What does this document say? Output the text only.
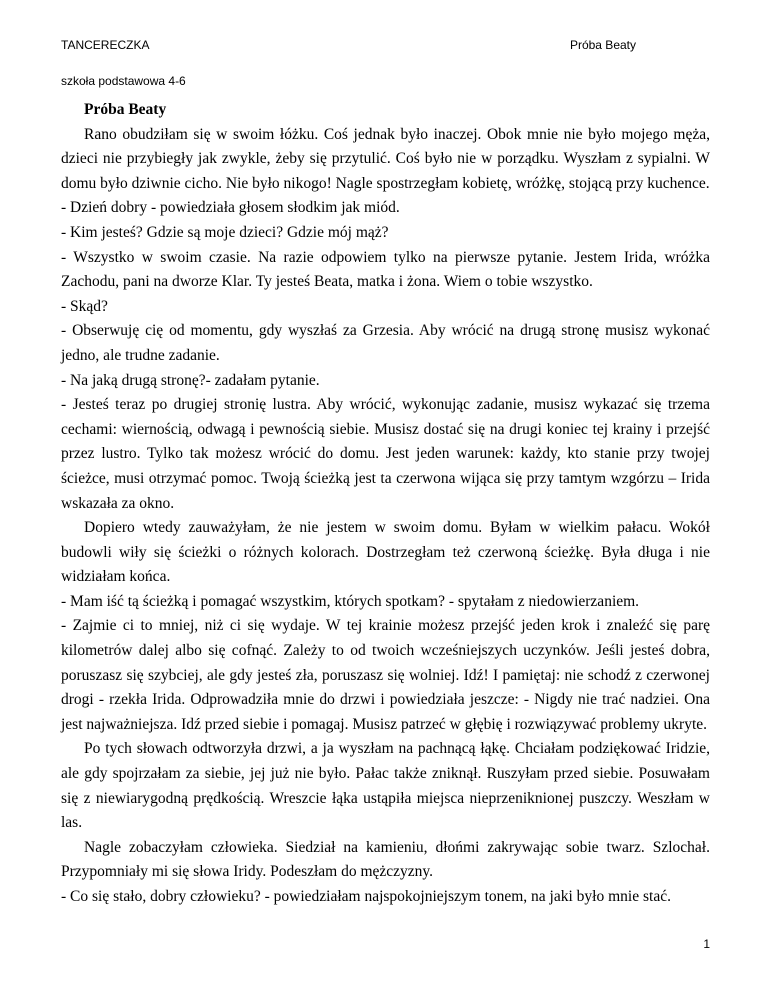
TANCERECZKA	Próba Beaty
szkoła podstawowa 4-6

Próba Beaty

Rano obudziłam się w swoim łóżku. Coś jednak było inaczej. Obok mnie nie było mojego męża, dzieci nie przybiegły jak zwykle, żeby się przytulić. Coś było nie w porządku. Wyszłam z sypialni. W domu było dziwnie cicho. Nie było nikogo! Nagle spostrzegłam kobietę, wróżkę, stojącą przy kuchence.

- Dzień dobry - powiedziała głosem słodkim jak miód.

- Kim jesteś? Gdzie są moje dzieci? Gdzie mój mąż?

- Wszystko w swoim czasie. Na razie odpowiem tylko na pierwsze pytanie. Jestem Irida, wróżka Zachodu, pani na dworze Klar. Ty jesteś Beata, matka i żona. Wiem o tobie wszystko.

- Skąd?

- Obserwuję cię od momentu, gdy wyszłaś za Grzesia. Aby wrócić na drugą stronę musisz wykonać jedno, ale trudne zadanie.

- Na jaką drugą stronę?- zadałam pytanie.

- Jesteś teraz po drugiej stronię lustra. Aby wrócić, wykonując zadanie, musisz wykazać się trzema cechami: wiernością, odwagą i pewnością siebie. Musisz dostać się na drugi koniec tej krainy i przejść przez lustro. Tylko tak możesz wrócić do domu. Jest jeden warunek: każdy, kto stanie przy twojej ścieżce, musi otrzymać pomoc. Twoją ścieżką jest ta czerwona wijąca się przy tamtym wzgórzu – Irida wskazała za okno.

Dopiero wtedy zauważyłam, że nie jestem w swoim domu. Byłam w wielkim pałacu. Wokół budowli wiły się ścieżki o różnych kolorach. Dostrzegłam też czerwoną ścieżkę. Była długa i nie widziałam końca.

- Mam iść tą ścieżką i pomagać wszystkim, których spotkam? - spytałam z niedowierzaniem.

- Zajmie ci to mniej, niż ci się wydaje. W tej krainie możesz przejść jeden krok i znaleźć się parę kilometrów dalej albo się cofnąć. Zależy to od twoich wcześniejszych uczynków. Jeśli jesteś dobra, poruszasz się szybciej, ale gdy jesteś zła, poruszasz się wolniej. Idź! I pamiętaj: nie schodź z czerwonej drogi - rzekła Irida. Odprowadziła mnie do drzwi i powiedziała jeszcze: - Nigdy nie trać nadziei. Ona jest najważniejsza. Idź przed siebie i pomagaj. Musisz patrzeć w głębię i rozwiązywać problemy ukryte.

Po tych słowach odtworzyła drzwi, a ja wyszłam na pachnącą łąkę. Chciałam podziękować Iridzie, ale gdy spojrzałam za siebie, jej już nie było. Pałac także zniknął. Ruszyłam przed siebie. Posuwałam się z niewiarygodną prędkością. Wreszcie łąka ustąpiła miejsca nieprzeniknionej puszczy. Weszłam w las.

Nagle zobaczyłam człowieka. Siedział na kamieniu, dłońmi zakrywając sobie twarz. Szlochał. Przypomniały mi się słowa Iridy. Podeszłam do mężczyzny.

- Co się stało, dobry człowieku? - powiedziałam najspokojniejszym tonem, na jaki było mnie stać.

1
